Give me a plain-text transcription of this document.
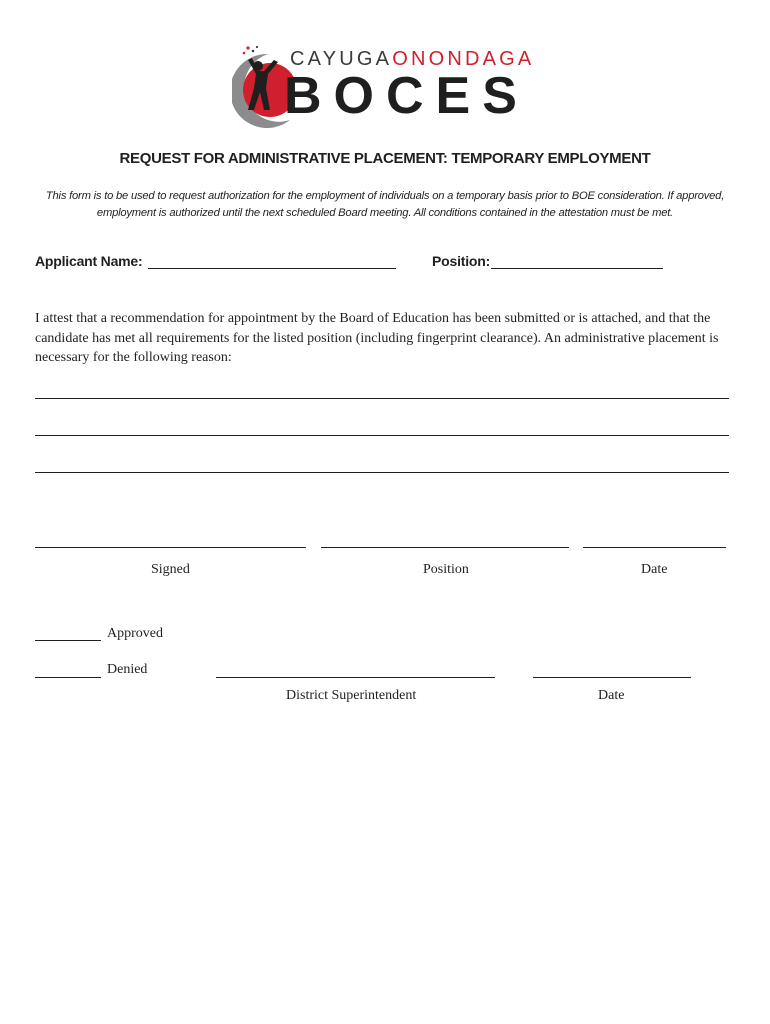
CAYUGAONONDAGA
BOCES
REQUEST FOR ADMINISTRATIVE PLACEMENT: TEMPORARY EMPLOYMENT
This form is to be used to request authorization for the employment of individuals on a temporary basis prior to BOE consideration. If approved, employment is authorized until the next scheduled Board meeting. All conditions contained in the attestation must be met.
Applicant Name:	Position:
I attest that a recommendation for appointment by the Board of Education has been submitted or is attached, and that the candidate has met all requirements for the listed position (including fingerprint clearance). An administrative placement is necessary for the following reason:
Signed	Position	Date
Approved
Denied
District Superintendent	Date
